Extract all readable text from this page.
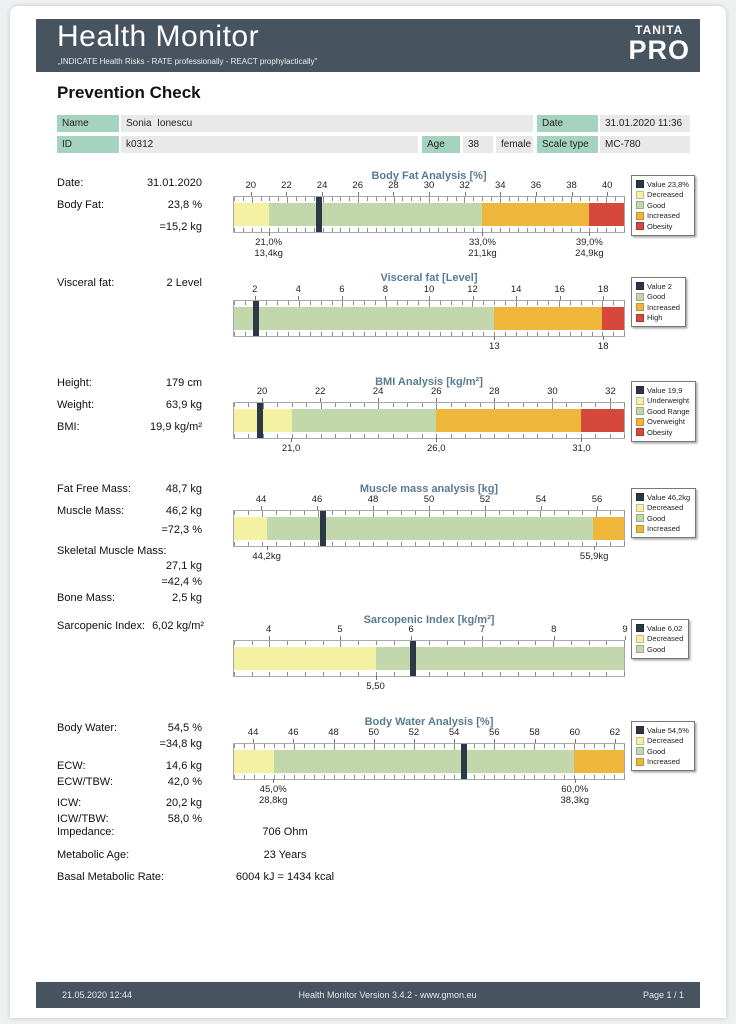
Health Monitor
„INDICATE Health Risks - RATE professionally - REACT prophylactically"
TANITA
PRO
Prevention Check
Name	Sonia  Ionescu	Date	31.01.2020 11:36
ID	k0312	Age	38	female	Scale type	MC-780
Body Fat Analysis [%]
20	22	24	26	28	30	32	34	36	38	40
21,0%
13,4kg
33,0%
21,1kg
39,0%
24,9kg
Value 23,8%
Decreased
Good
Increased
Obesity
Date:	31.01.2020
Body Fat:	23,8 %
=15,2 kg
Visceral fat [Level]
2	4	6	8	10	12	14	16	18
13	18
Value 2
Good
Increased
High
Visceral fat:	2 Level
BMI Analysis [kg/m²]
20	22	24	26	28	30	32
21,0	26,0	31,0
Value 19,9
Underweight
Good Range
Overweight
Obesity
Height:	179 cm
Weight:	63,9 kg
BMI:	19,9 kg/m²
Muscle mass analysis [kg]
44	46	48	50	52	54	56
44,2kg	55,9kg
Value 46,2kg
Decreased
Good
Increased
Fat Free Mass:	48,7 kg
Muscle Mass:	46,2 kg
=72,3 %
Skeletal Muscle Mass:
27,1 kg
=42,4 %
Bone Mass:	2,5 kg
Sarcopenic Index [kg/m²]
4	5	6	7	8	9
5,50
Value 6,02
Decreased
Good
Sarcopenic Index: 6,02 kg/m²
Body Water Analysis [%]
44	46	48	50	52	54	56	58	60	62
45,0%
28,8kg
60,0%
38,3kg
Value 54,5%
Decreased
Good
Increased
Body Water:	54,5 %
=34,8 kg
ECW:	14,6 kg
ECW/TBW:	42,0 %
ICW:	20,2 kg
ICW/TBW:	58,0 %
Impedance:	706 Ohm
Metabolic Age:	23 Years
Basal Metabolic Rate:	6004 kJ = 1434 kcal
21.05.2020 12:44	Health Monitor Version 3.4.2 - www.gmon.eu	Page 1 / 1
